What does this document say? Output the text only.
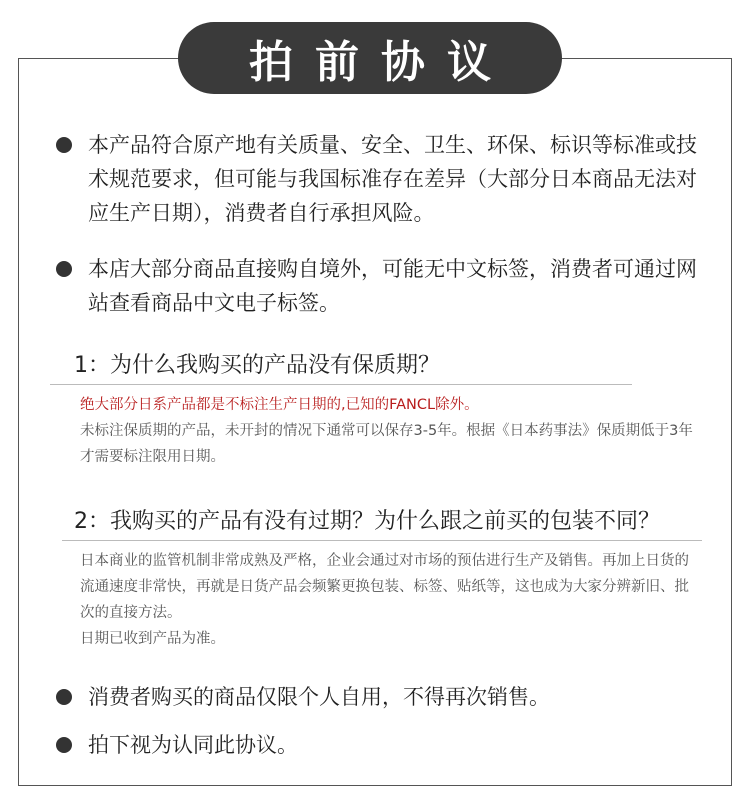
拍前协议
本产品符合原产地有关质量、安全、卫生、环保、标识等标准或技术规范要求，但可能与我国标准存在差异（大部分日本商品无法对应生产日期），消费者自行承担风险。
本店大部分商品直接购自境外，可能无中文标签，消费者可通过网站查看商品中文电子标签。
1：为什么我购买的产品没有保质期？
绝大部分日系产品都是不标注生产日期的,已知的FANCL除外。
未标注保质期的产品，未开封的情况下通常可以保存3-5年。根据《日本药事法》保质期低于3年才需要标注限用日期。
2：我购买的产品有没有过期？为什么跟之前买的包装不同？
日本商业的监管机制非常成熟及严格，企业会通过对市场的预估进行生产及销售。再加上日货的流通速度非常快，再就是日货产品会频繁更换包装、标签、贴纸等，这也成为大家分辨新旧、批次的直接方法。
日期已收到产品为准。
消费者购买的商品仅限个人自用，不得再次销售。
拍下视为认同此协议。
